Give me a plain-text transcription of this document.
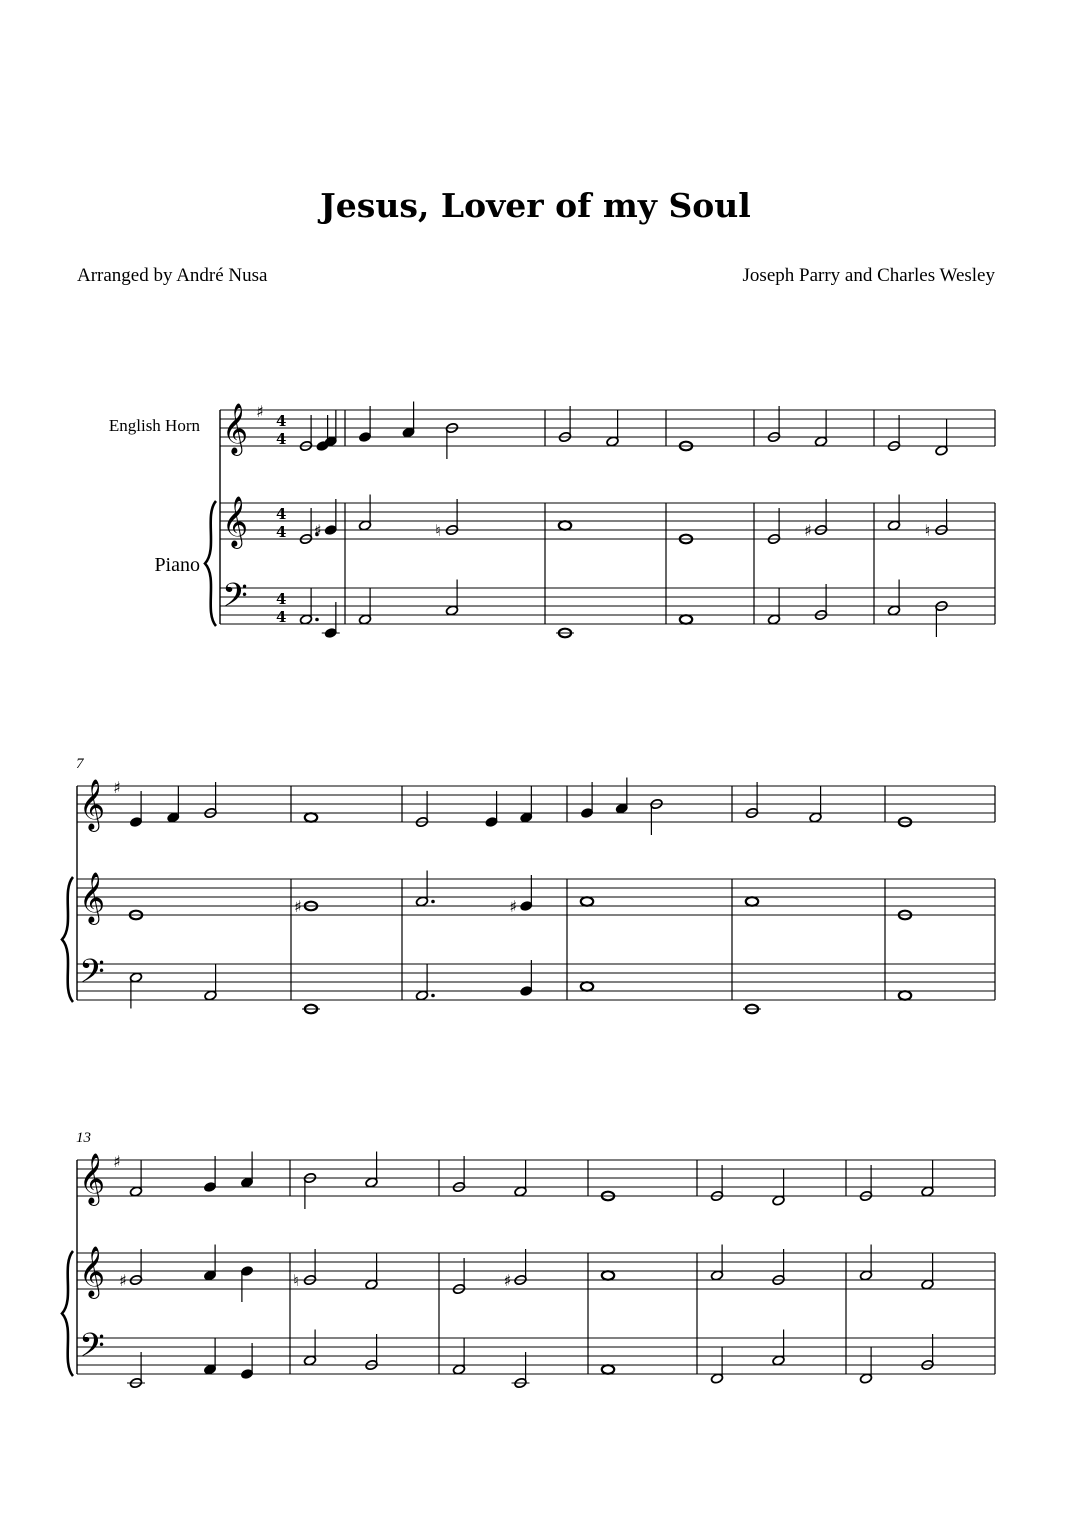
Jesus, Lover of my Soul
Arranged by André Nusa	Joseph Parry and Charles Wesley
𝄞
𝄞
𝄢
♯ 4
4
4
4
4
4
English Horn
Piano
♯	♮	♯	♮
𝄞
𝄞
𝄢
♯
7
♯	♯
𝄞
𝄞
𝄢
♯
13
♯	♮	♯
